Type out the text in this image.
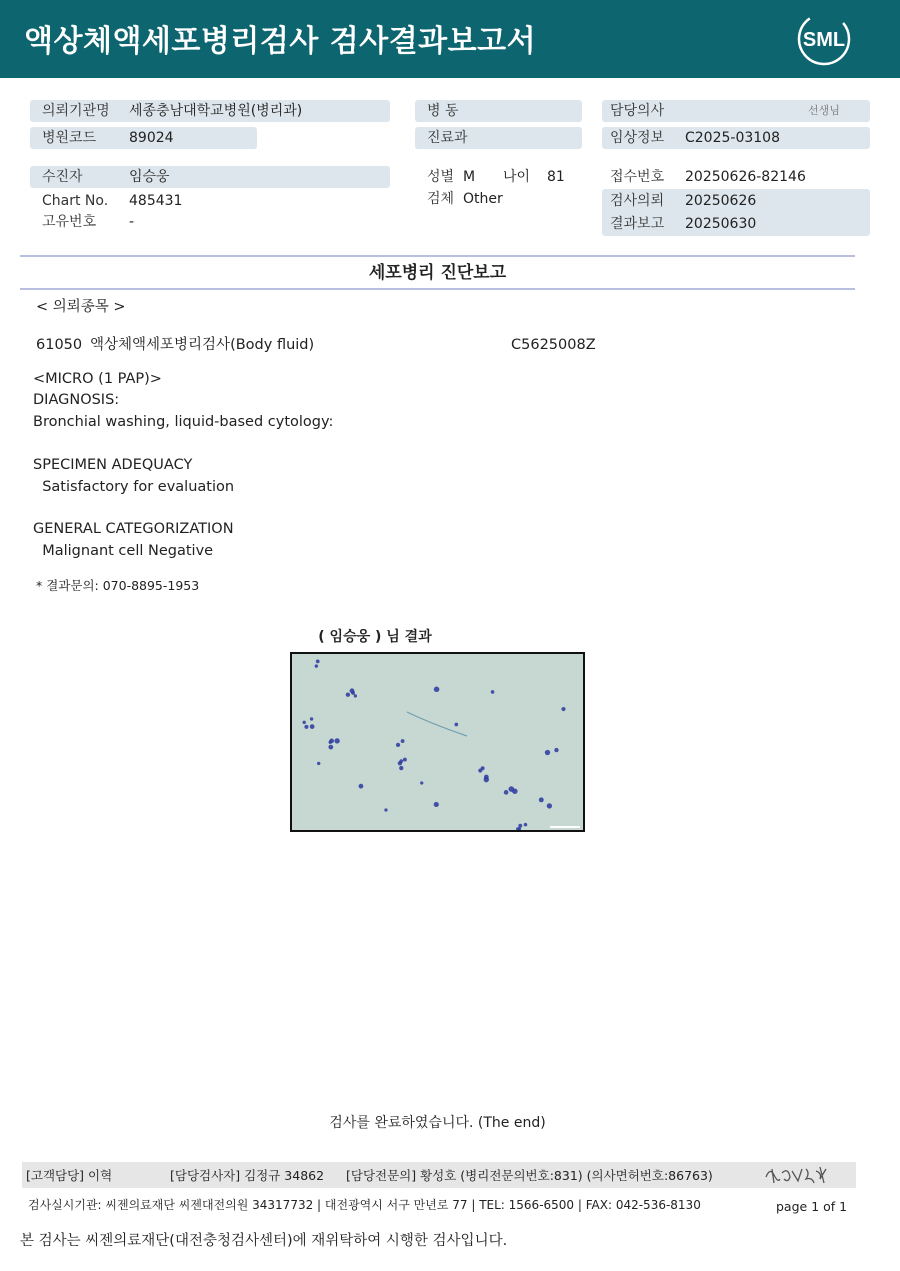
액상체액세포병리검사 검사결과보고서	SML
의뢰기관명 세종충남대학교병원(병리과)
병원코드 89024
수진자	임승웅
Chart No. 485431
고유번호 -
병 동
진료과
성별 M 나이 81
검체 Other
담당의사	선생님
임상정보 C2025-03108
접수번호 20250626-82146
검사의뢰 20250626
결과보고 20250630
세포병리 진단보고
< 의뢰종목 >
61050 액상체액세포병리검사(Body fluid)	C5625008Z
<MICRO (1 PAP)>
DIAGNOSIS:
Bronchial washing, liquid-based cytology:
SPECIMEN ADEQUACY
Satisfactory for evaluation
GENERAL CATEGORIZATION
Malignant cell Negative
* 결과문의: 070-8895-1953
( 임승웅 ) 님 결과
검사를 완료하였습니다. (The end)
[고객담당] 이혁	[담당검사자] 김정규 34862 [담당전문의] 황성호 (병리전문의번호:831) (의사면허번호:86763)
검사실시기관: 씨젠의료재단 씨젠대전의원 34317732 | 대전광역시 서구 만년로 77 | TEL: 1566-6500 | FAX: 042-536-8130	page 1 of 1
본 검사는 씨젠의료재단(대전충청검사센터)에 재위탁하여 시행한 검사입니다.
